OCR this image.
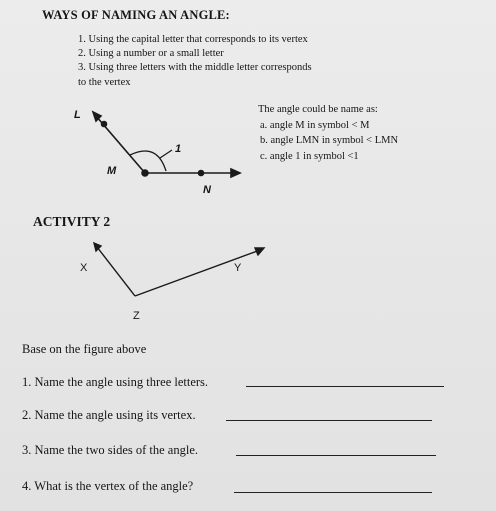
WAYS OF NAMING AN ANGLE:
1. Using the capital letter that corresponds to its vertex
2. Using a number or a small letter
3. Using three letters with the middle letter corresponds
to the vertex
L
M
N
1
The angle could be name as:
a. angle M in symbol < M
b. angle LMN in symbol < LMN
c. angle 1 in symbol <1
ACTIVITY 2
X	Y
Z
Base on the figure above
1. Name the angle using three letters.
2. Name the angle using its vertex.
3. Name the two sides of the angle.
4. What is the vertex of the angle?
